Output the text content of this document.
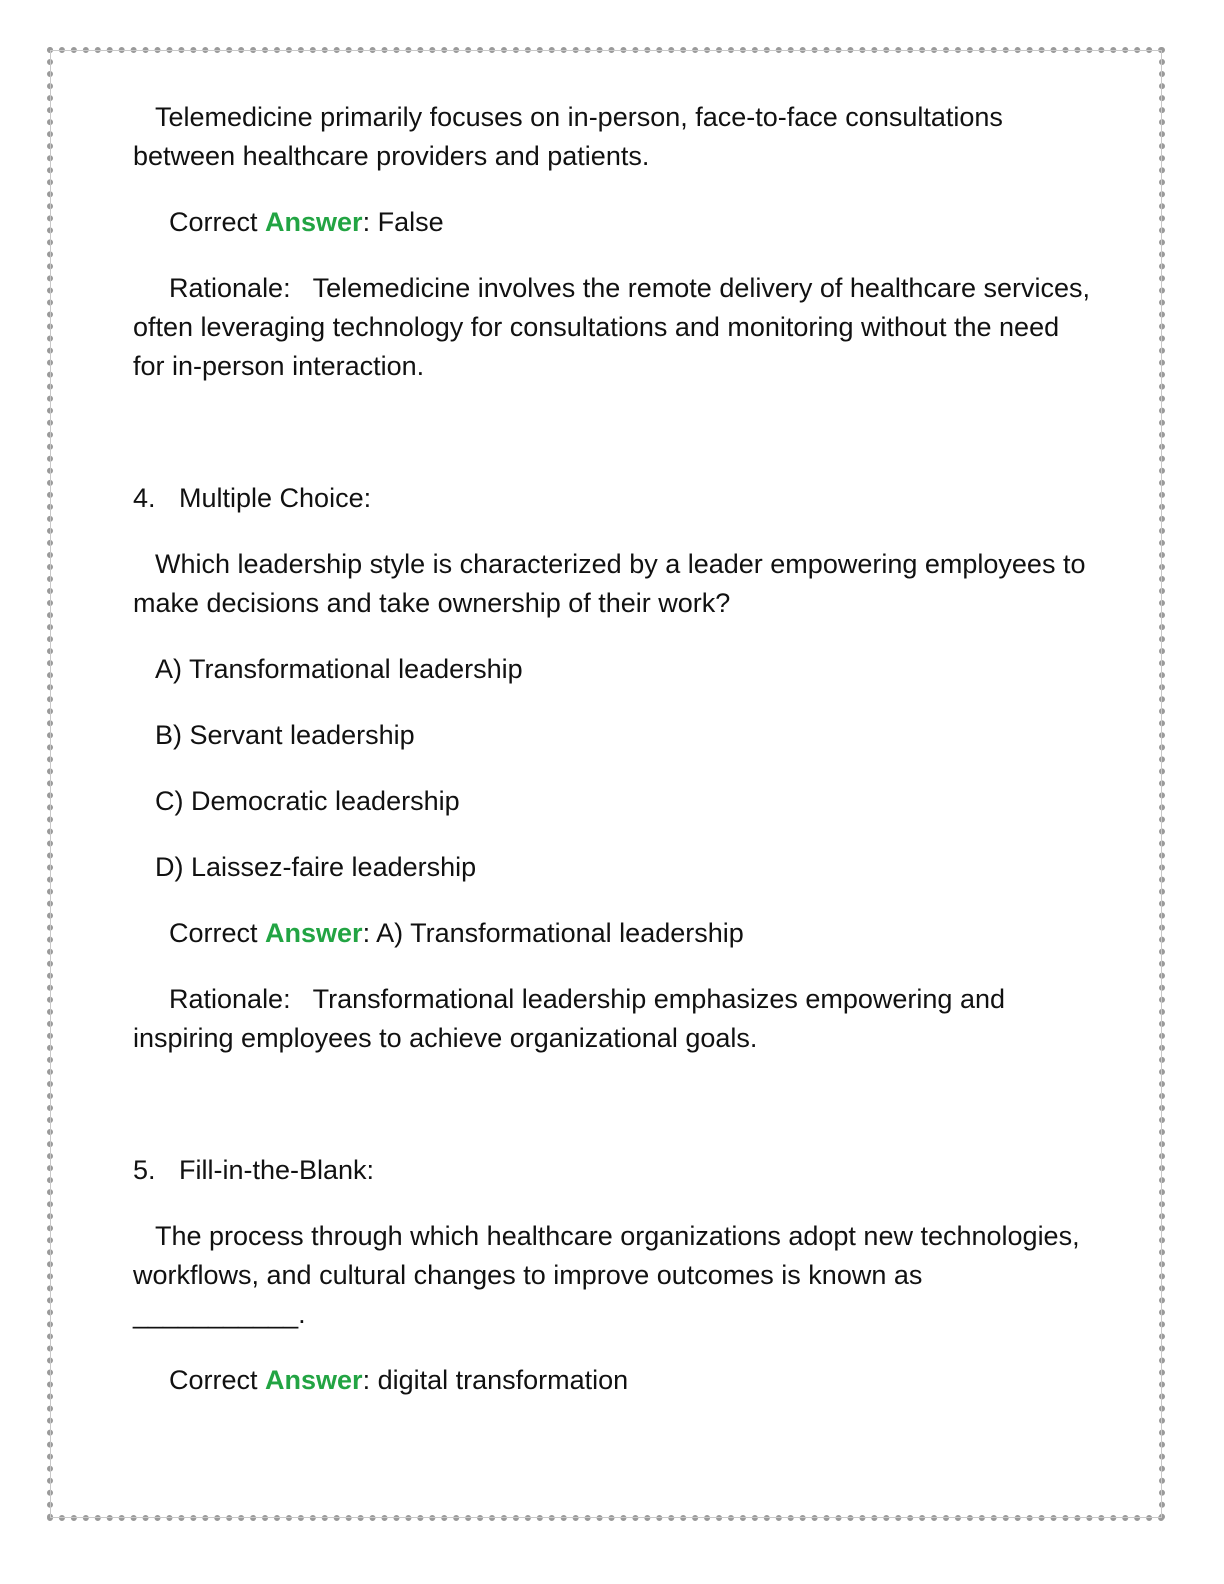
Telemedicine primarily focuses on in-person, face-to-face consultations between healthcare providers and patients.

Correct Answer: False

Rationale: Telemedicine involves the remote delivery of healthcare services, often leveraging technology for consultations and monitoring without the need for in-person interaction.

4. Multiple Choice:

Which leadership style is characterized by a leader empowering employees to make decisions and take ownership of their work?

A) Transformational leadership

B) Servant leadership

C) Democratic leadership

D) Laissez-faire leadership

Correct Answer: A) Transformational leadership

Rationale: Transformational leadership emphasizes empowering and inspiring employees to achieve organizational goals.

5. Fill-in-the-Blank:

The process through which healthcare organizations adopt new technologies, workflows, and cultural changes to improve outcomes is known as ___________.

Correct Answer: digital transformation
